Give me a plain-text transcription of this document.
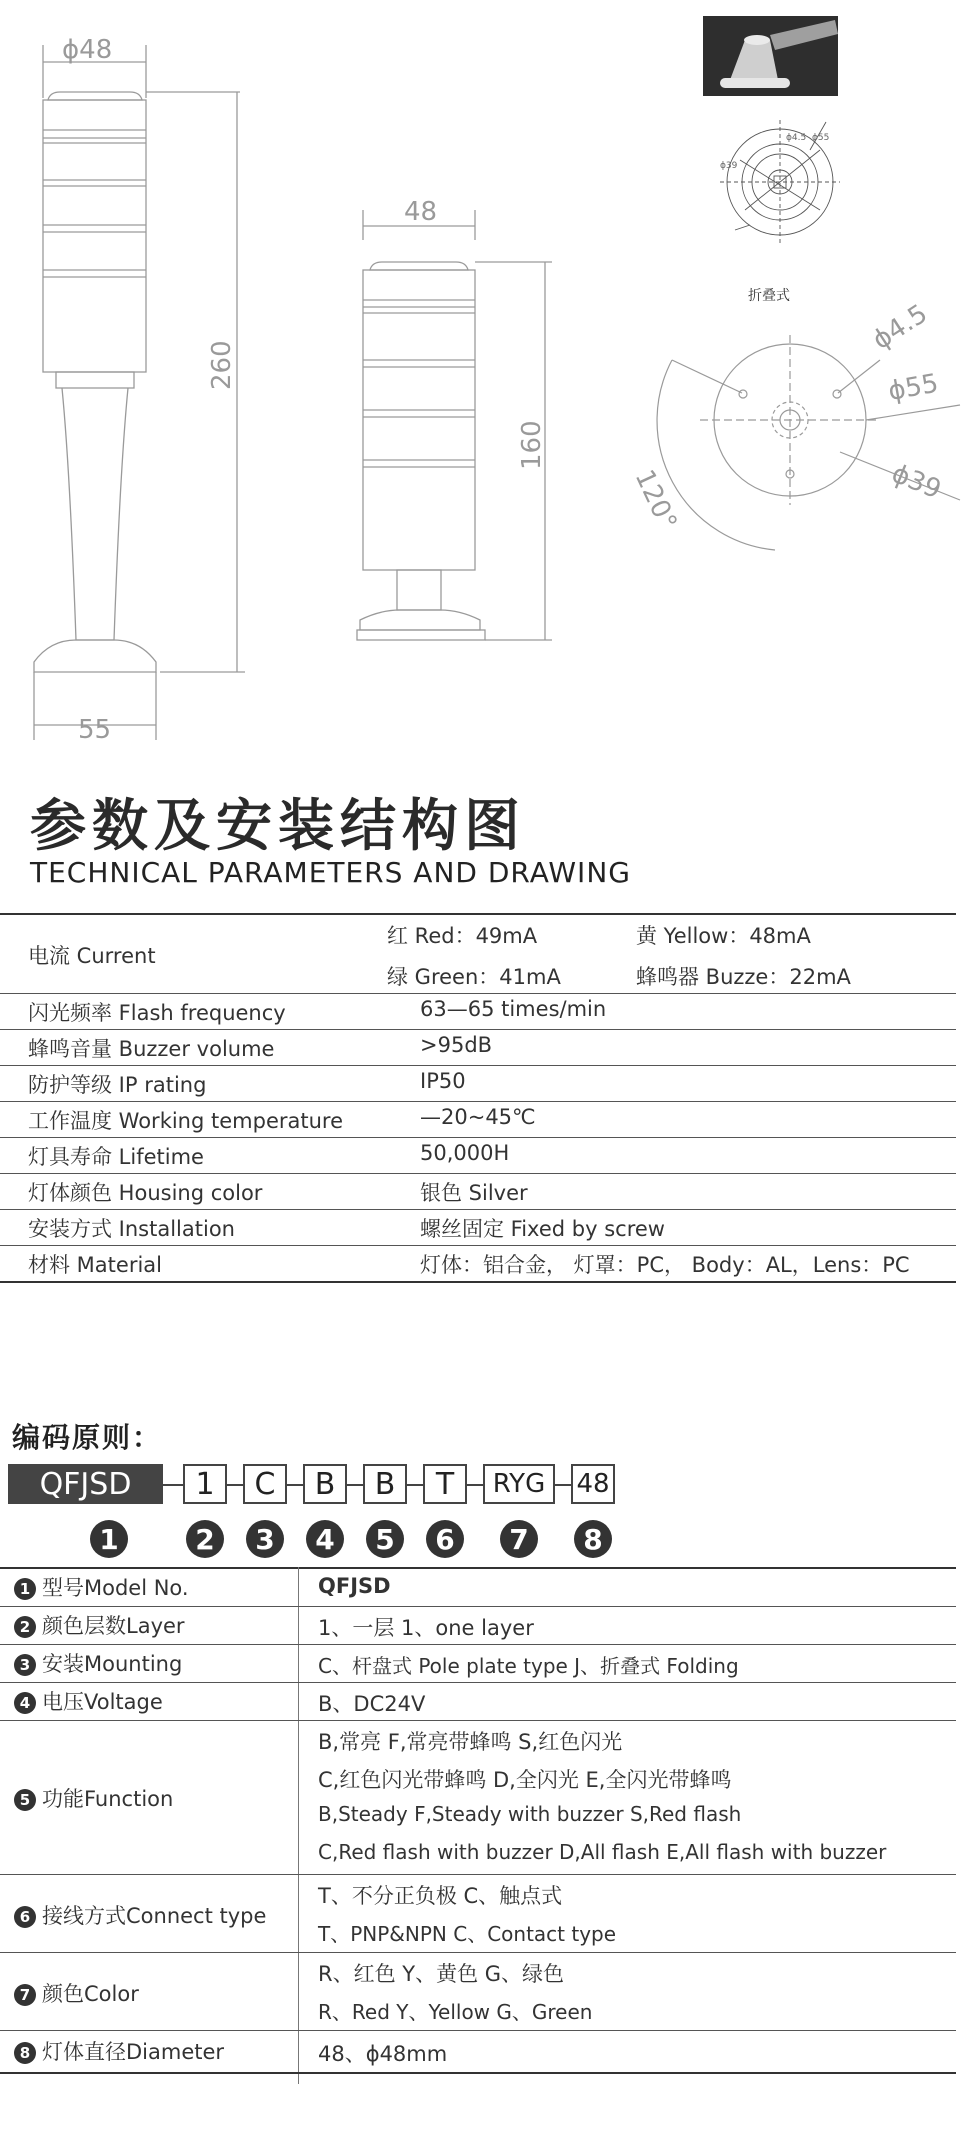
ϕ48
260
55
48
160
ϕ4.5 ϕ55
ϕ39
折叠式
ϕ4.5
ϕ55
ϕ39
120°
参数及安装结构图
TECHNICAL PARAMETERS AND DRAWING
电流 Current
红 Red：49mA	黄 Yellow：48mA
绿 Green：41mA	蜂鸣器 Buzze：22mA
闪光频率 Flash frequency	63—65 times/min
蜂鸣音量 Buzzer volume	>95dB
防护等级 IP rating	IP50
工作温度 Working temperature	—20~45℃
灯具寿命 Lifetime	50,000H
灯体颜色 Housing color	银色 Silver
安装方式 Installation	螺丝固定 Fixed by screw
材料 Material	灯体：铝合金， 灯罩：PC， Body：AL，Lens：PC
编码原则：
QFJSD	1	C	B	B	T	RYG	48
1	2	3	4	5	6	7	8
1 型号Model No.	QFJSD
2 颜色层数Layer	1、一层 1、one layer
3 安装Mounting	C、杆盘式 Pole plate type J、折叠式 Folding
4 电压Voltage	B、DC24V
5 功能Function
B,常亮 F,常亮带蜂鸣 S,红色闪光
C,红色闪光带蜂鸣 D,全闪光 E,全闪光带蜂鸣
B,Steady F,Steady with buzzer S,Red flash
C,Red flash with buzzer D,All flash E,All flash with buzzer
6 接线方式Connect type
T、不分正负极 C、触点式
T、PNP&NPN C、Contact type
7 颜色Color
R、红色 Y、黄色 G、绿色
R、Red Y、Yellow G、Green
8 灯体直径Diameter	48、ϕ48mm
